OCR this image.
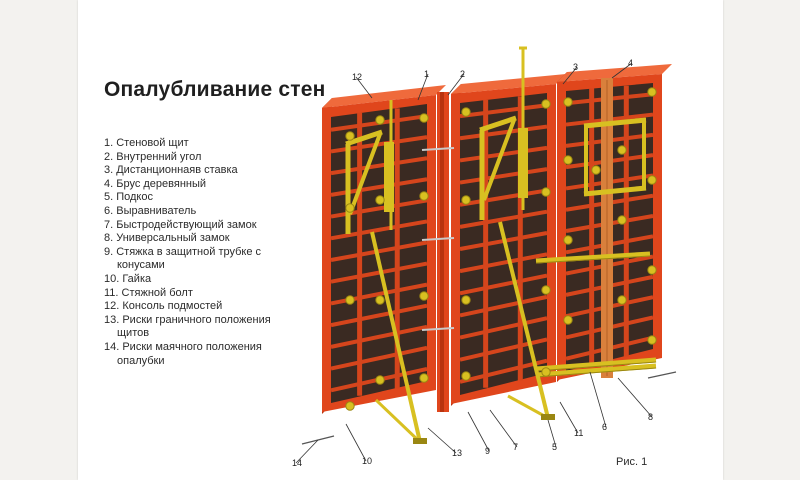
Опалубливание стен
1. Стеновой щит
2. Внутренний угол
3. Дистанционнаяв ставка
4. Брус деревянный
5. Подкос
6. Выравниватель
7. Быстродействующий замок
8. Универсальный замок
9. Стяжка в защитной трубке с
конусами
10. Гайка
11. Стяжной болт
12. Консоль подмостей
13. Риски граничного положения
щитов
14. Риски маячного положения
опалубки
1	2
3	4
5
6
7
8
9
10
11
12
13
14	Рис. 1
